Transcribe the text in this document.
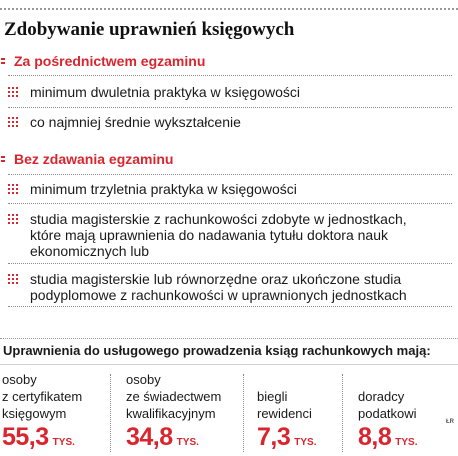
Zdobywanie uprawnień księgowych
Za pośrednictwem egzaminu
minimum dwuletnia praktyka w księgowości
co najmniej średnie wykształcenie
Bez zdawania egzaminu
minimum trzyletnia praktyka w księgowości
studia magisterskie z rachunkowości zdobyte w jednostkach, które mają uprawnienia do nadawania tytułu doktora nauk ekonomicznych lub
studia magisterskie lub równorzędne oraz ukończone studia podyplomowe z rachunkowości w uprawnionych jednostkach
Uprawnienia do usługowego prowadzenia ksiąg rachunkowych mają:
osoby
z certyfikatem
księgowym
55,3 TYS.
osoby
ze świadectwem
kwalifikacyjnym
34,8 TYS.
biegli
rewidenci
7,3 TYS.
doradcy
podatkowi
8,8 TYS.
ŁR
